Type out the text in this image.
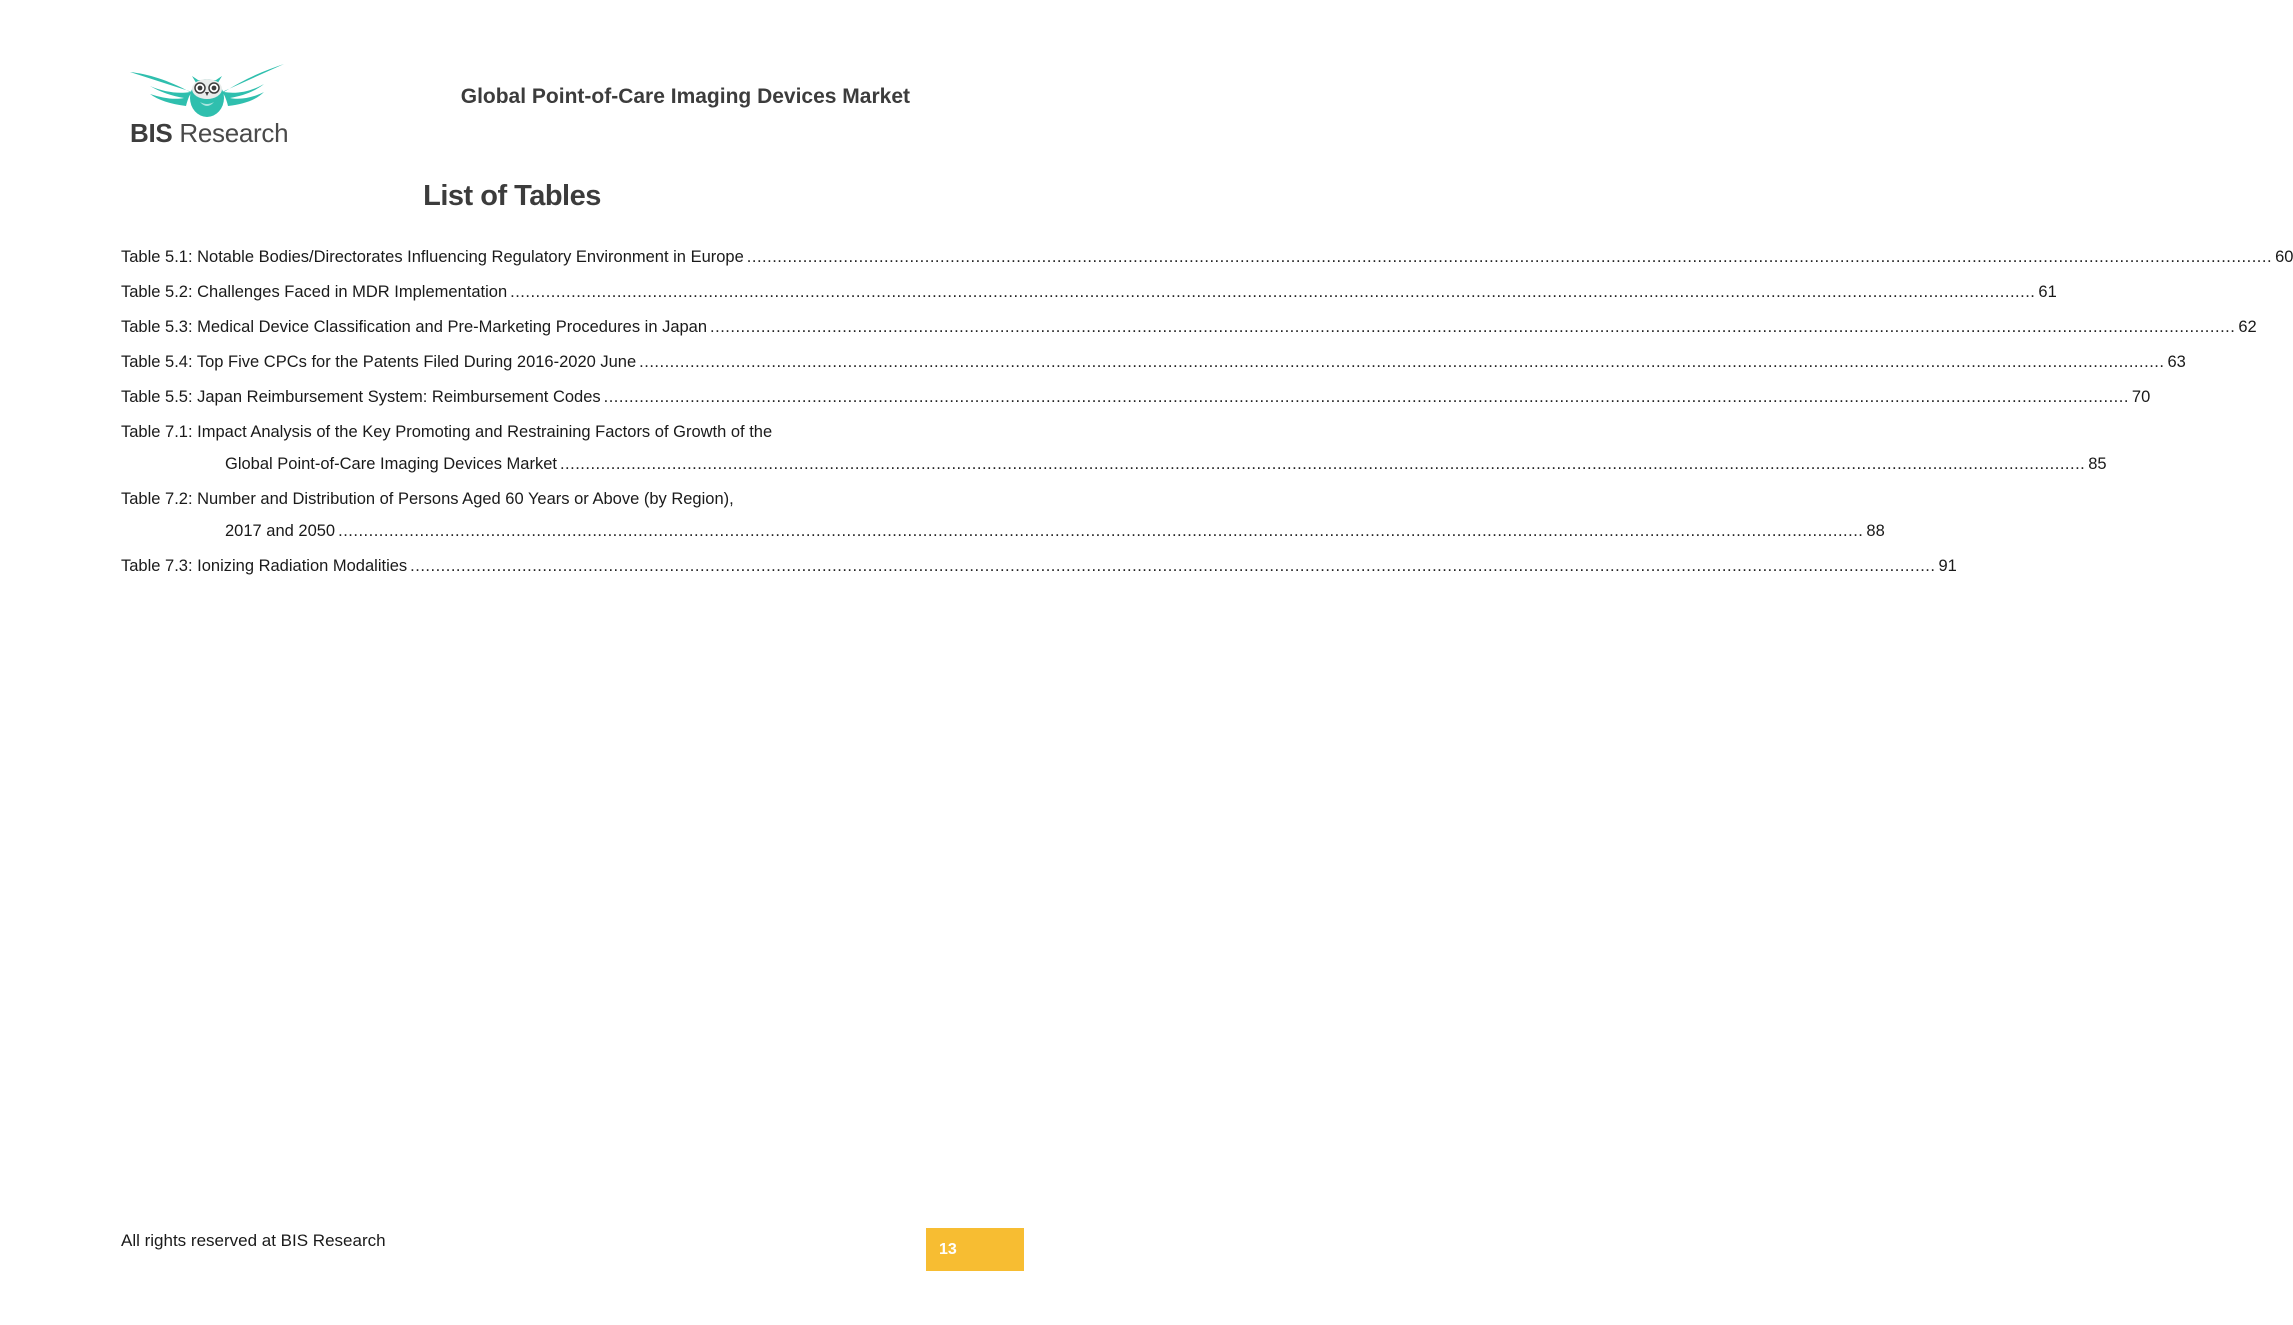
BIS Research
Global Point-of-Care Imaging Devices Market
List of Tables
Table 5.1: Notable Bodies/Directorates Influencing Regulatory Environment in Europe ............................................................................................................................................................................................................................................................................................................ 60
Table 5.2: Challenges Faced in MDR Implementation ............................................................................................................................................................................................................................................................................................................ 61
Table 5.3: Medical Device Classification and Pre-Marketing Procedures in Japan ............................................................................................................................................................................................................................................................................................................ 62
Table 5.4: Top Five CPCs for the Patents Filed During 2016-2020 June ............................................................................................................................................................................................................................................................................................................ 63
Table 5.5: Japan Reimbursement System: Reimbursement Codes ............................................................................................................................................................................................................................................................................................................ 70
Table 7.1: Impact Analysis of the Key Promoting and Restraining Factors of Growth of the
Global Point-of-Care Imaging Devices Market ............................................................................................................................................................................................................................................................................................................ 85
Table 7.2: Number and Distribution of Persons Aged 60 Years or Above (by Region),
2017 and 2050 ............................................................................................................................................................................................................................................................................................................ 88
Table 7.3: Ionizing Radiation Modalities ............................................................................................................................................................................................................................................................................................................ 91
All rights reserved at BIS Research	13
